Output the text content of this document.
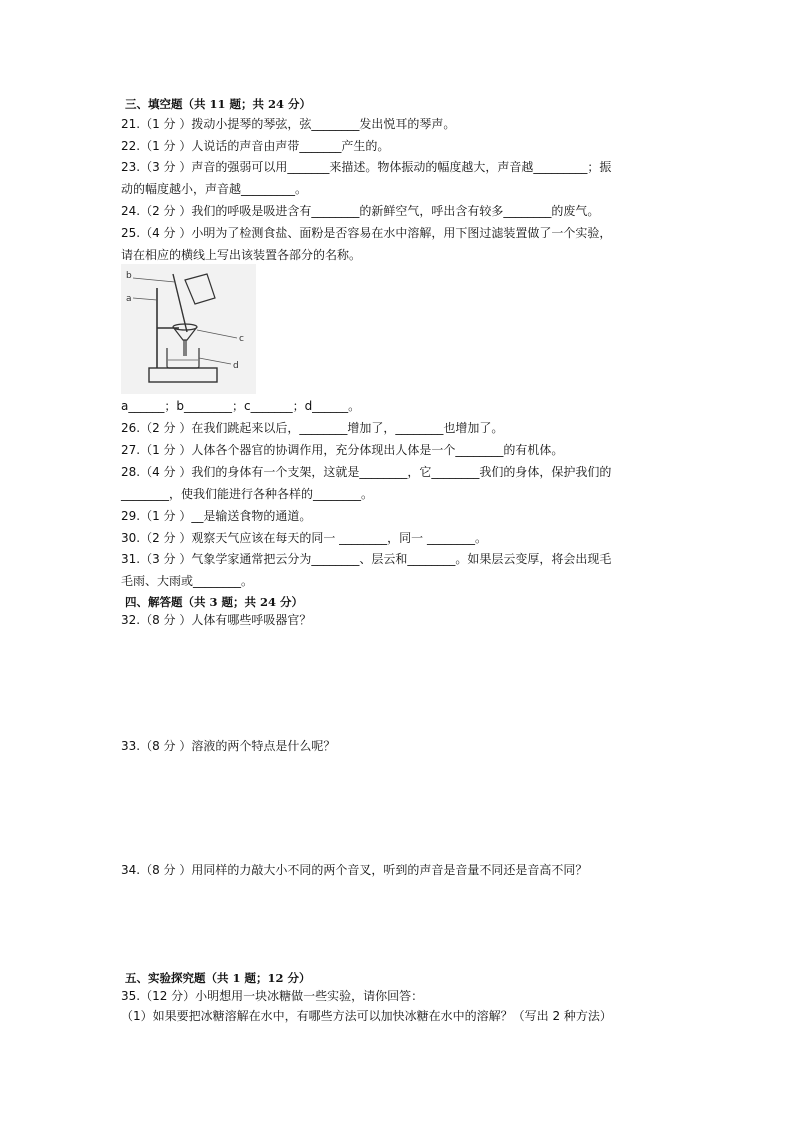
三、填空题（共 11 题；共 24 分）
21.（1 分 ）拨动小提琴的琴弦，弦________发出悦耳的琴声。
22.（1 分 ）人说话的声音由声带_______产生的。
23.（3 分 ）声音的强弱可以用_______来描述。物体振动的幅度越大，声音越_________；振
动的幅度越小，声音越_________。
24.（2 分 ）我们的呼吸是吸进含有________的新鲜空气，呼出含有较多________的废气。
25.（4 分 ）小明为了检测食盐、面粉是否容易在水中溶解，用下图过滤装置做了一个实验，
请在相应的横线上写出该装置各部分的名称。
b
a
c
d
a______；b________；c_______；d______。
26.（2 分 ）在我们跳起来以后，________增加了，________也增加了。
27.（1 分 ）人体各个器官的协调作用，充分体现出人体是一个________的有机体。
28.（4 分 ）我们的身体有一个支架，这就是________，它________我们的身体，保护我们的
________，使我们能进行各种各样的________。
29.（1 分 ）__是输送食物的通道。
30.（2 分 ）观察天气应该在每天的同一 ________，同一 ________。
31.（3 分 ）气象学家通常把云分为________、层云和________。如果层云变厚，将会出现毛
毛雨、大雨或________。
四、解答题（共 3 题；共 24 分）
32.（8 分 ）人体有哪些呼吸器官？
33.（8 分 ）溶液的两个特点是什么呢？
34.（8 分 ）用同样的力敲大小不同的两个音叉，听到的声音是音量不同还是音高不同？
五、实验探究题（共 1 题；12 分）
35.（12 分）小明想用一块冰糖做一些实验，请你回答：
（1）如果要把冰糖溶解在水中，有哪些方法可以加快冰糖在水中的溶解？（写出 2 种方法）
